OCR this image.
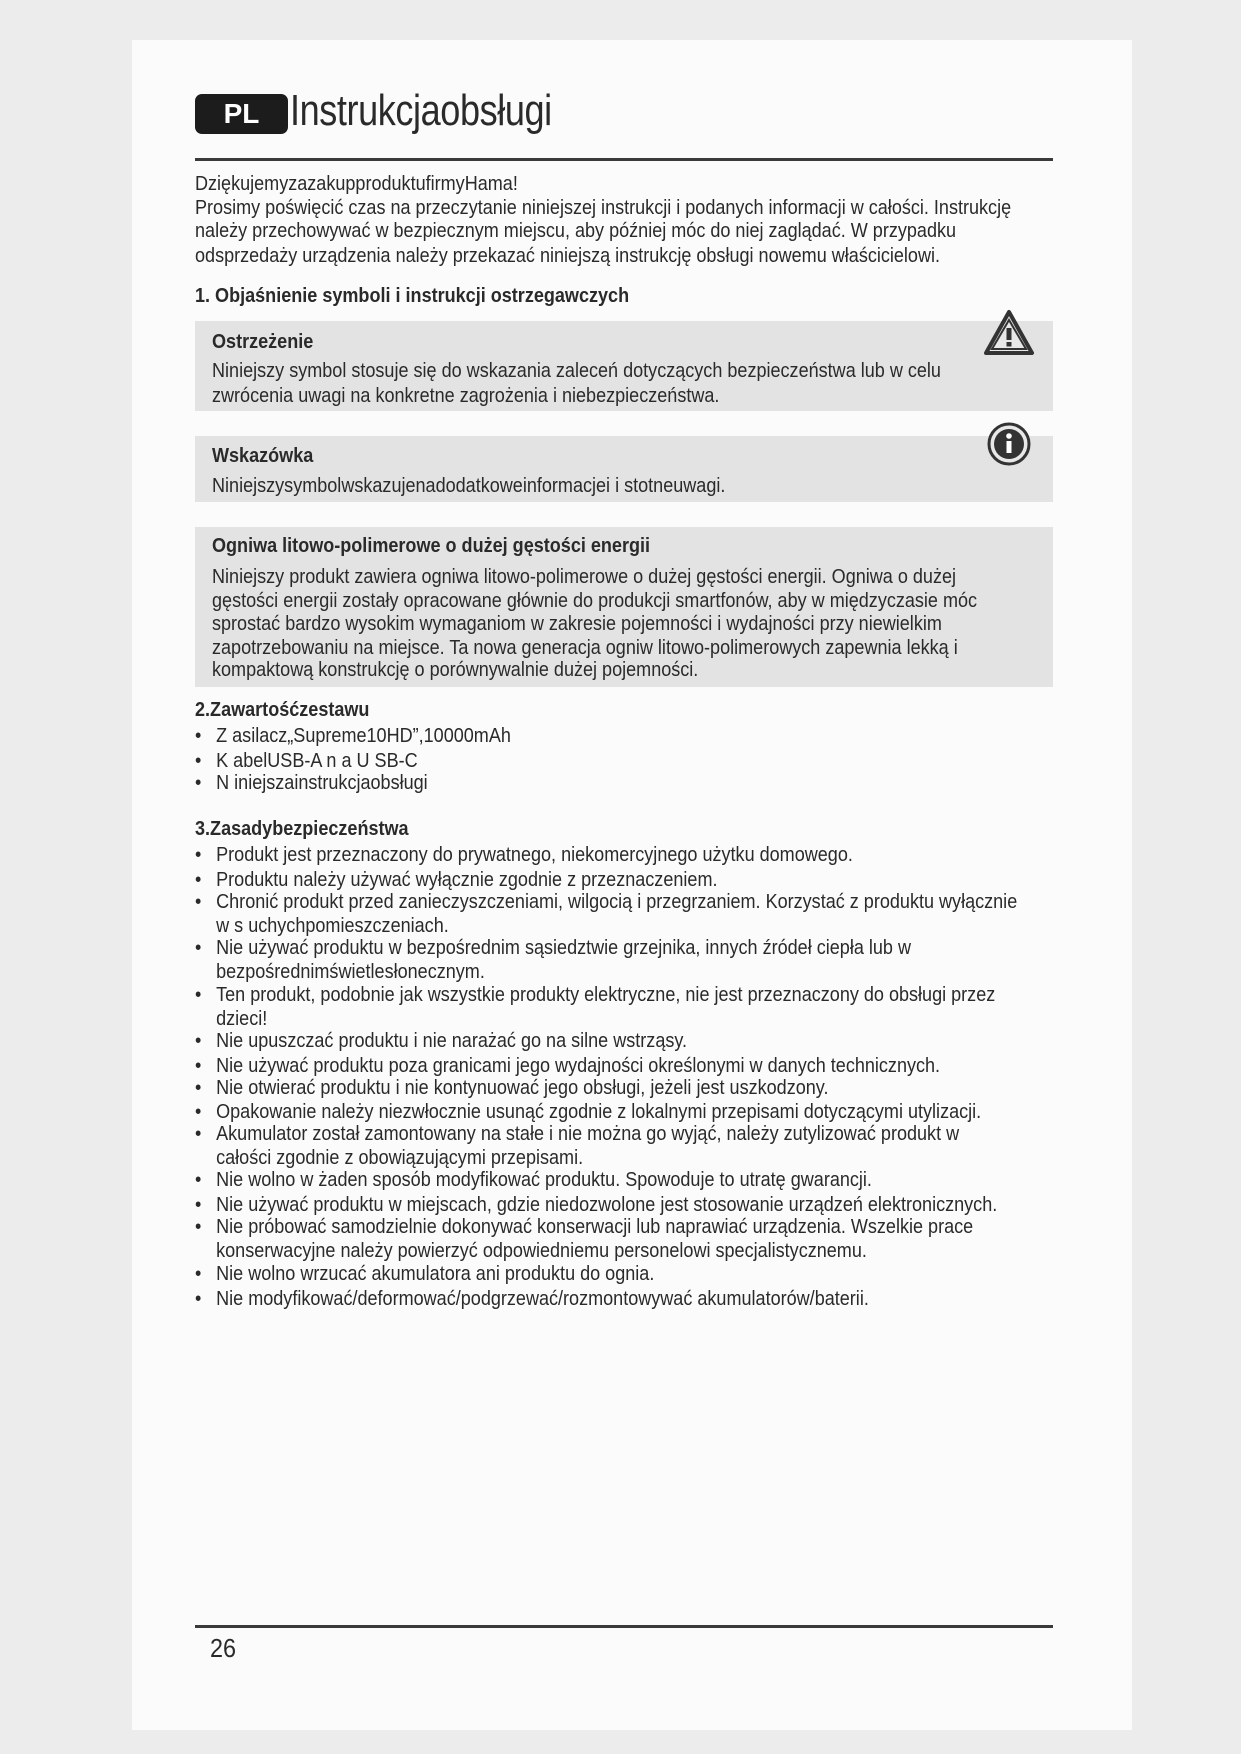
PL Instrukcjaobsługi
DziękujemyzazakupproduktufirmyHama!
Prosimy poświęcić czas na przeczytanie niniejszej instrukcji i podanych informacji w całości. Instrukcję
należy przechowywać w bezpiecznym miejscu, aby później móc do niej zaglądać. W przypadku
odsprzedaży urządzenia należy przekazać niniejszą instrukcję obsługi nowemu właścicielowi.
1. Objaśnienie symboli i instrukcji ostrzegawczych
Ostrzeżenie
Niniejszy symbol stosuje się do wskazania zaleceń dotyczących bezpieczeństwa lub w celu
zwrócenia uwagi na konkretne zagrożenia i niebezpieczeństwa.
Wskazówka
Niniejszysymbolwskazujenadodatkoweinformacjei i stotneuwagi.
Ogniwa litowo-polimerowe o dużej gęstości energii
Niniejszy produkt zawiera ogniwa litowo-polimerowe o dużej gęstości energii. Ogniwa o dużej
gęstości energii zostały opracowane głównie do produkcji smartfonów, aby w międzyczasie móc
sprostać bardzo wysokim wymaganiom w zakresie pojemności i wydajności przy niewielkim
zapotrzebowaniu na miejsce. Ta nowa generacja ogniw litowo-polimerowych zapewnia lekką i
kompaktową konstrukcję o porównywalnie dużej pojemności.
2.Zawartośćzestawu
• Z asilacz„Supreme10HD”,10000mAh
• K abelUSB-A n a U SB-C
• N iniejszainstrukcjaobsługi
3.Zasadybezpieczeństwa
• Produkt jest przeznaczony do prywatnego, niekomercyjnego użytku domowego.
• Produktu należy używać wyłącznie zgodnie z przeznaczeniem.
• Chronić produkt przed zanieczyszczeniami, wilgocią i przegrzaniem. Korzystać z produktu wyłącznie
w s uchychpomieszczeniach.
• Nie używać produktu w bezpośrednim sąsiedztwie grzejnika, innych źródeł ciepła lub w
bezpośrednimświetlesłonecznym.
• Ten produkt, podobnie jak wszystkie produkty elektryczne, nie jest przeznaczony do obsługi przez
dzieci!
• Nie upuszczać produktu i nie narażać go na silne wstrząsy.
• Nie używać produktu poza granicami jego wydajności określonymi w danych technicznych.
• Nie otwierać produktu i nie kontynuować jego obsługi, jeżeli jest uszkodzony.
• Opakowanie należy niezwłocznie usunąć zgodnie z lokalnymi przepisami dotyczącymi utylizacji.
• Akumulator został zamontowany na stałe i nie można go wyjąć, należy zutylizować produkt w
całości zgodnie z obowiązującymi przepisami.
• Nie wolno w żaden sposób modyfikować produktu. Spowoduje to utratę gwarancji.
• Nie używać produktu w miejscach, gdzie niedozwolone jest stosowanie urządzeń elektronicznych.
• Nie próbować samodzielnie dokonywać konserwacji lub naprawiać urządzenia. Wszelkie prace
konserwacyjne należy powierzyć odpowiedniemu personelowi specjalistycznemu.
• Nie wolno wrzucać akumulatora ani produktu do ognia.
• Nie modyfikować/deformować/podgrzewać/rozmontowywać akumulatorów/baterii.
26
